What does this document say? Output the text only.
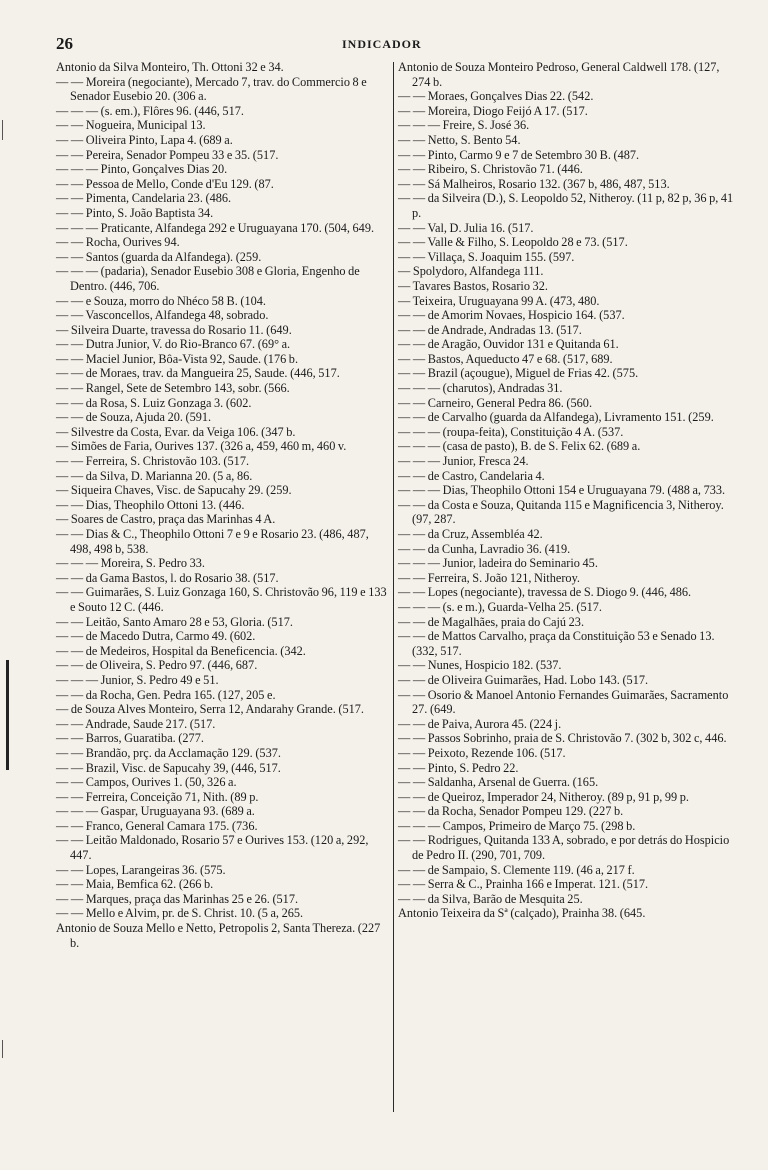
26	INDICADOR

Antonio da Silva Monteiro, Th. Ottoni 32 e 34.

— — Moreira (negociante), Mercado 7, trav. do Commercio 8 e Senador Eusebio 20. (306 a.

— — — (s. em.), Flôres 96. (446, 517.

— — Nogueira, Municipal 13.

— — Oliveira Pinto, Lapa 4. (689 a.

— — Pereira, Senador Pompeu 33 e 35. (517.

— — — Pinto, Gonçalves Dias 20.

— — Pessoa de Mello, Conde d'Eu 129. (87.

— — Pimenta, Candelaria 23. (486.

— — Pinto, S. João Baptista 34.

— — — Praticante, Alfandega 292 e Uruguayana 170. (504, 649.

— — Rocha, Ourives 94.

— — Santos (guarda da Alfandega). (259.

— — — (padaria), Senador Eusebio 308 e Gloria, Engenho de Dentro. (446, 706.

— — e Souza, morro do Nhéco 58 B. (104.

— — Vasconcellos, Alfandega 48, sobrado.

— Silveira Duarte, travessa do Rosario 11. (649.

— — Dutra Junior, V. do Rio-Branco 67. (69° a.

— — Maciel Junior, Bôa-Vista 92, Saude. (176 b.

— — de Moraes, trav. da Mangueira 25, Saude. (446, 517.

— — Rangel, Sete de Setembro 143, sobr. (566.

— — da Rosa, S. Luiz Gonzaga 3. (602.

— — de Souza, Ajuda 20. (591.

— Silvestre da Costa, Evar. da Veiga 106. (347 b.

— Simões de Faria, Ourives 137. (326 a, 459, 460 m, 460 v.

— — Ferreira, S. Christovão 103. (517.

— — da Silva, D. Marianna 20. (5 a, 86.

— Siqueira Chaves, Visc. de Sapucahy 29. (259.

— — Dias, Theophilo Ottoni 13. (446.

— Soares de Castro, praça das Marinhas 4 A.

— — Dias & C., Theophilo Ottoni 7 e 9 e Rosario 23. (486, 487, 498, 498 b, 538.

— — — Moreira, S. Pedro 33.

— — da Gama Bastos, l. do Rosario 38. (517.

— — Guimarães, S. Luiz Gonzaga 160, S. Christovão 96, 119 e 133 e Souto 12 C. (446.

— — Leitão, Santo Amaro 28 e 53, Gloria. (517.

— — de Macedo Dutra, Carmo 49. (602.

— — de Medeiros, Hospital da Beneficencia. (342.

— — de Oliveira, S. Pedro 97. (446, 687.

— — — Junior, S. Pedro 49 e 51.

— — da Rocha, Gen. Pedra 165. (127, 205 e.

— de Souza Alves Monteiro, Serra 12, Andarahy Grande. (517.

— — Andrade, Saude 217. (517.

— — Barros, Guaratiba. (277.

— — Brandão, prç. da Acclamação 129. (537.

— — Brazil, Visc. de Sapucahy 39, (446, 517.

— — Campos, Ourives 1. (50, 326 a.

— — Ferreira, Conceição 71, Nith. (89 p.

— — — Gaspar, Uruguayana 93. (689 a.

— — Franco, General Camara 175. (736.

— — Leitão Maldonado, Rosario 57 e Ourives 153. (120 a, 292, 447.

— — Lopes, Larangeiras 36. (575.

— — Maia, Bemfica 62. (266 b.

— — Marques, praça das Marinhas 25 e 26. (517.

— — Mello e Alvim, pr. de S. Christ. 10. (5 a, 265.

Antonio de Souza Mello e Netto, Petropolis 2, Santa Thereza. (227 b.

Antonio de Souza Monteiro Pedroso, General Caldwell 178. (127, 274 b.

— — Moraes, Gonçalves Dias 22. (542.

— — Moreira, Diogo Feijó A 17. (517.

— — — Freire, S. José 36.

— — Netto, S. Bento 54.

— — Pinto, Carmo 9 e 7 de Setembro 30 B. (487.

— — Ribeiro, S. Christovão 71. (446.

— — Sá Malheiros, Rosario 132. (367 b, 486, 487, 513.

— — da Silveira (D.), S. Leopoldo 52, Nitheroy. (11 p, 82 p, 36 p, 41 p.

— — Val, D. Julia 16. (517.

— — Valle & Filho, S. Leopoldo 28 e 73. (517.

— — Villaça, S. Joaquim 155. (597.

— Spolydoro, Alfandega 111.

— Tavares Bastos, Rosario 32.

— Teixeira, Uruguayana 99 A. (473, 480.

— — de Amorim Novaes, Hospicio 164. (537.

— — de Andrade, Andradas 13. (517.

— — de Aragão, Ouvidor 131 e Quitanda 61.

— — Bastos, Aqueducto 47 e 68. (517, 689.

— — Brazil (açougue), Miguel de Frias 42. (575.

— — — (charutos), Andradas 31.

— — Carneiro, General Pedra 86. (560.

— — de Carvalho (guarda da Alfandega), Livramento 151. (259.

— — — (roupa-feita), Constituição 4 A. (537.

— — — (casa de pasto), B. de S. Felix 62. (689 a.

— — — Junior, Fresca 24.

— — de Castro, Candelaria 4.

— — — Dias, Theophilo Ottoni 154 e Uruguayana 79. (488 a, 733.

— — da Costa e Souza, Quitanda 115 e Magnificencia 3, Nitheroy. (97, 287.

— — da Cruz, Assembléa 42.

— — da Cunha, Lavradio 36. (419.

— — — Junior, ladeira do Seminario 45.

— — Ferreira, S. João 121, Nitheroy.

— — Lopes (negociante), travessa de S. Diogo 9. (446, 486.

— — — (s. e m.), Guarda-Velha 25. (517.

— — de Magalhães, praia do Cajú 23.

— — de Mattos Carvalho, praça da Constituição 53 e Senado 13. (332, 517.

— — Nunes, Hospicio 182. (537.

— — de Oliveira Guimarães, Had. Lobo 143. (517.

— — Osorio & Manoel Antonio Fernandes Guimarães, Sacramento 27. (649.

— — de Paiva, Aurora 45. (224 j.

— — Passos Sobrinho, praia de S. Christovão 7. (302 b, 302 c, 446.

— — Peixoto, Rezende 106. (517.

— — Pinto, S. Pedro 22.

— — Saldanha, Arsenal de Guerra. (165.

— — de Queiroz, Imperador 24, Nitheroy. (89 p, 91 p, 99 p.

— — da Rocha, Senador Pompeu 129. (227 b.

— — — Campos, Primeiro de Março 75. (298 b.

— — Rodrigues, Quitanda 133 A, sobrado, e por detrás do Hospicio de Pedro II. (290, 701, 709.

— — de Sampaio, S. Clemente 119. (46 a, 217 f.

— — Serra & C., Prainha 166 e Imperat. 121. (517.

— — da Silva, Barão de Mesquita 25.

Antonio Teixeira da Sª (calçado), Prainha 38. (645.
